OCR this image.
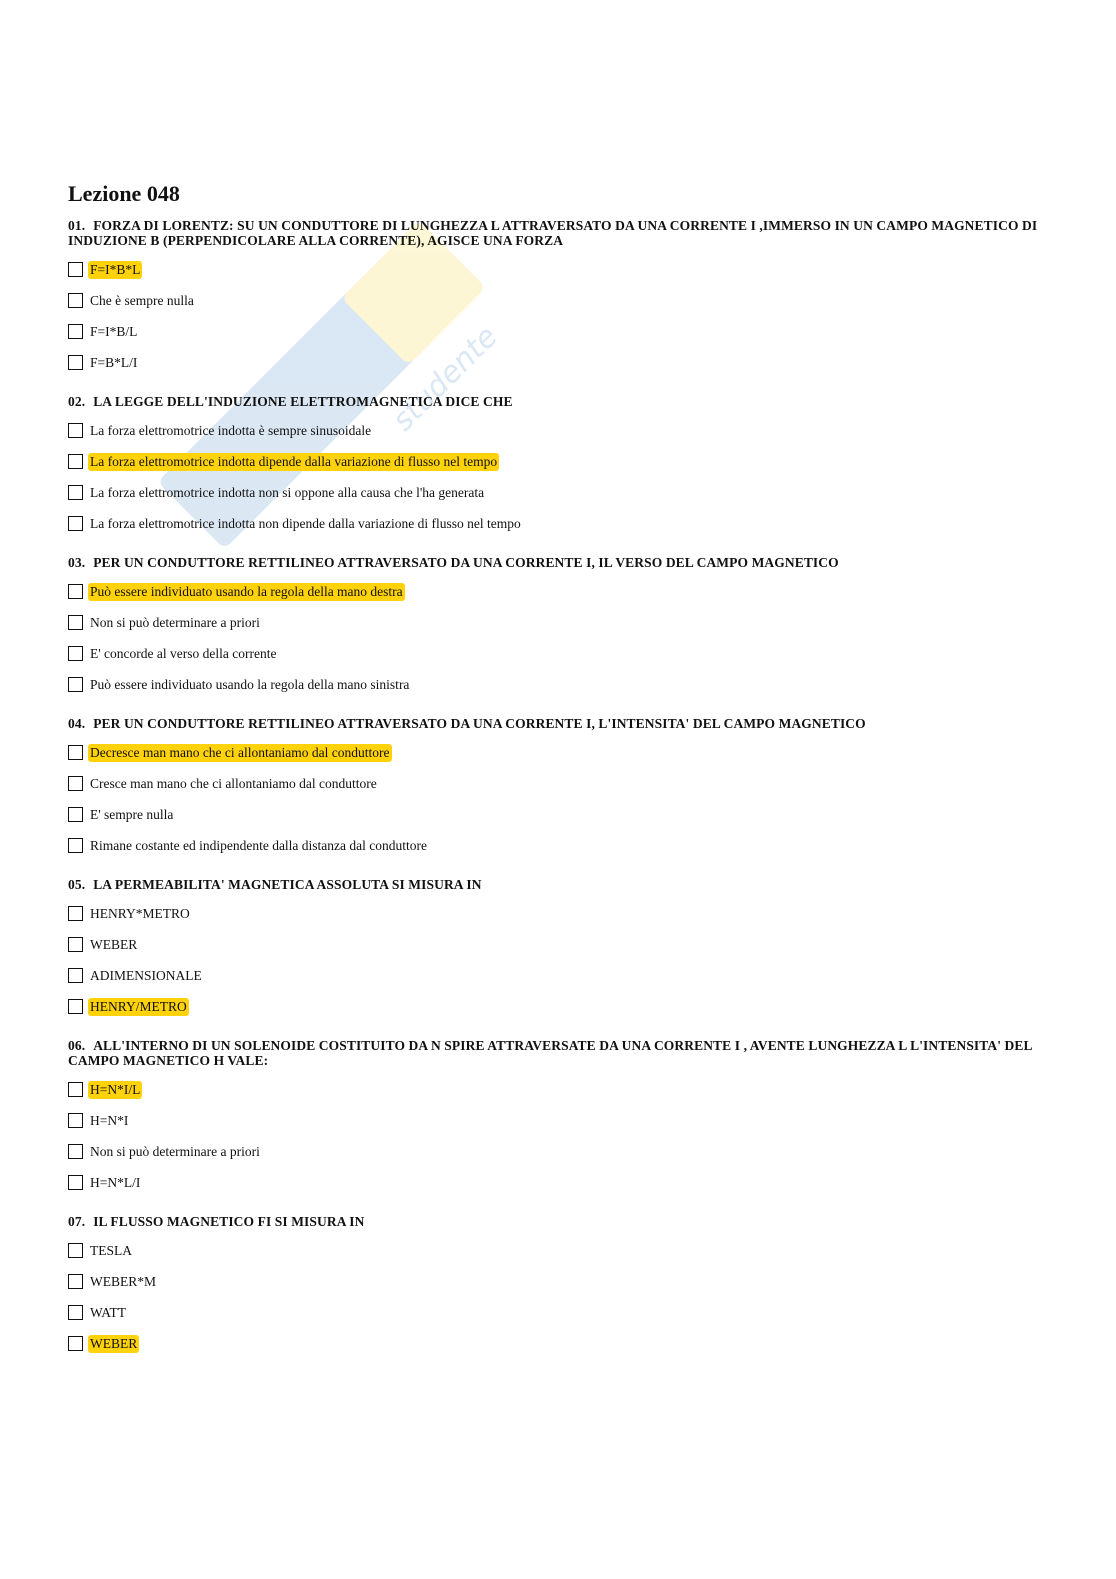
studente
Lezione 048
01. FORZA DI LORENTZ: SU UN CONDUTTORE DI LUNGHEZZA L ATTRAVERSATO DA UNA CORRENTE I ,IMMERSO IN UN CAMPO MAGNETICO DI INDUZIONE B (PERPENDICOLARE ALLA CORRENTE), AGISCE UNA FORZA
F=I*B*L
Che è sempre nulla
F=I*B/L
F=B*L/I
02. LA LEGGE DELL'INDUZIONE ELETTROMAGNETICA DICE CHE
La forza elettromotrice indotta è sempre sinusoidale
La forza elettromotrice indotta dipende dalla variazione di flusso nel tempo
La forza elettromotrice indotta non si oppone alla causa che l'ha generata
La forza elettromotrice indotta non dipende dalla variazione di flusso nel tempo
03. PER UN CONDUTTORE RETTILINEO ATTRAVERSATO DA UNA CORRENTE I, IL VERSO DEL CAMPO MAGNETICO
Può essere individuato usando la regola della mano destra
Non si può determinare a priori
E' concorde al verso della corrente
Può essere individuato usando la regola della mano sinistra
04. PER UN CONDUTTORE RETTILINEO ATTRAVERSATO DA UNA CORRENTE I, L'INTENSITA' DEL CAMPO MAGNETICO
Decresce man mano che ci allontaniamo dal conduttore
Cresce man mano che ci allontaniamo dal conduttore
E' sempre nulla
Rimane costante ed indipendente dalla distanza dal conduttore
05. LA PERMEABILITA' MAGNETICA ASSOLUTA SI MISURA IN
HENRY*METRO
WEBER
ADIMENSIONALE
HENRY/METRO
06. ALL'INTERNO DI UN SOLENOIDE COSTITUITO DA N SPIRE ATTRAVERSATE DA UNA CORRENTE I , AVENTE LUNGHEZZA L L'INTENSITA' DEL CAMPO MAGNETICO H VALE:
H=N*I/L
H=N*I
Non si può determinare a priori
H=N*L/I
07. IL FLUSSO MAGNETICO FI SI MISURA IN
TESLA
WEBER*M
WATT
WEBER
